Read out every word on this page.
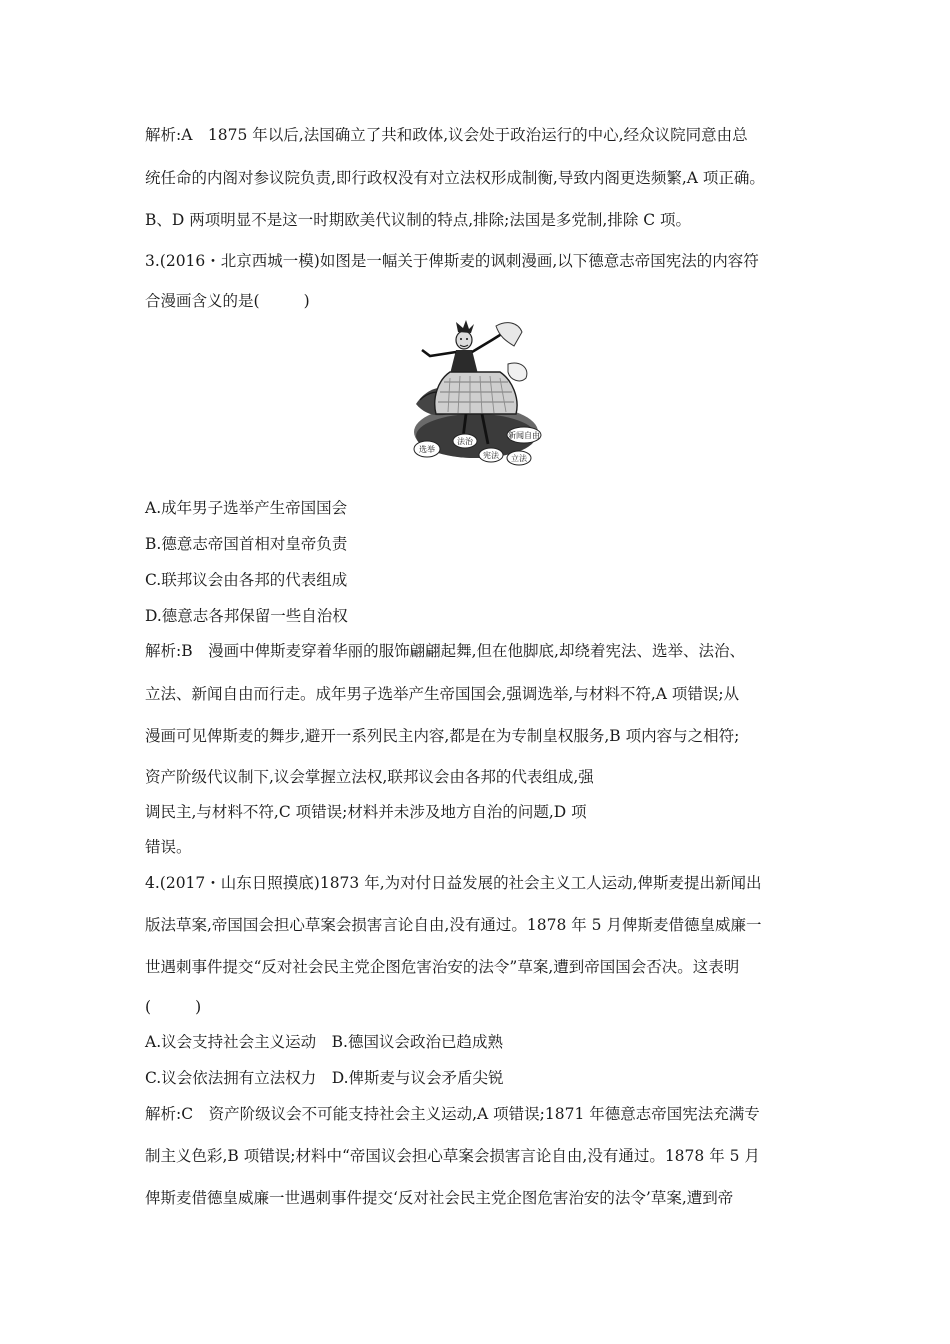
解析:A　1875 年以后,法国确立了共和政体,议会处于政治运行的中心,经众议院同意由总
统任命的内阁对参议院负责,即行政权没有对立法权形成制衡,导致内阁更迭频繁,A 项正确。
B、D 两项明显不是这一时期欧美代议制的特点,排除;法国是多党制,排除 C 项。
3.(2016・北京西城一模)如图是一幅关于俾斯麦的讽刺漫画,以下德意志帝国宪法的内容符
合漫画含义的是(	)
选举
法治
宪法 立法
新闻自由
A.成年男子选举产生帝国国会
B.德意志帝国首相对皇帝负责
C.联邦议会由各邦的代表组成
D.德意志各邦保留一些自治权
解析:B　漫画中俾斯麦穿着华丽的服饰翩翩起舞,但在他脚底,却绕着宪法、选举、法治、
立法、新闻自由而行走。成年男子选举产生帝国国会,强调选举,与材料不符,A 项错误;从
漫画可见俾斯麦的舞步,避开一系列民主内容,都是在为专制皇权服务,B 项内容与之相符;
资产阶级代议制下,议会掌握立法权,联邦议会由各邦的代表组成,强
调民主,与材料不符,C 项错误;材料并未涉及地方自治的问题,D 项
错误。
4.(2017・山东日照摸底)1873 年,为对付日益发展的社会主义工人运动,俾斯麦提出新闻出
版法草案,帝国国会担心草案会损害言论自由,没有通过。1878 年 5 月俾斯麦借德皇威廉一
世遇刺事件提交“反对社会民主党企图危害治安的法令”草案,遭到帝国国会否决。这表明
(	)
A.议会支持社会主义运动　B.德国议会政治已趋成熟
C.议会依法拥有立法权力　D.俾斯麦与议会矛盾尖锐
解析:C　资产阶级议会不可能支持社会主义运动,A 项错误;1871 年德意志帝国宪法充满专
制主义色彩,B 项错误;材料中“帝国议会担心草案会损害言论自由,没有通过。1878 年 5 月
俾斯麦借德皇威廉一世遇刺事件提交‘反对社会民主党企图危害治安的法令’草案,遭到帝
